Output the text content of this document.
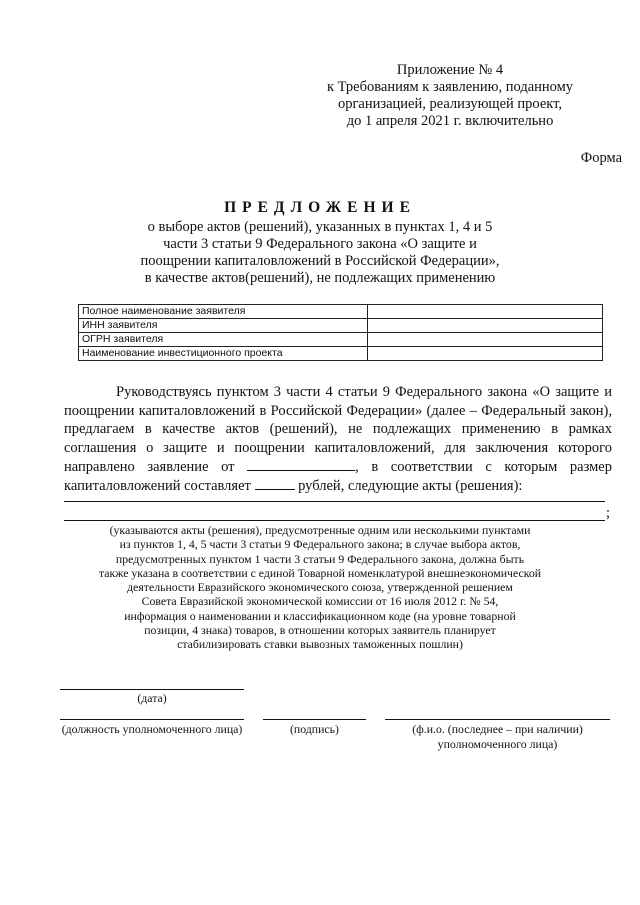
Приложение № 4
к Требованиям к заявлению, поданному
организацией, реализующей проект,
до 1 апреля 2021 г. включительно
Форма
ПРЕДЛОЖЕНИЕ
о выборе актов (решений), указанных в пунктах 1, 4 и 5
части 3 статьи 9 Федерального закона «О защите и
поощрении капиталовложений в Российской Федерации»,
в качестве актов(решений), не подлежащих применению
Полное наименование заявителя	
ИНН заявителя	
ОГРН заявителя	
Наименование инвестиционного проекта	

Руководствуясь пунктом 3 части 4 статьи 9 Федерального закона «О защите и поощрении капиталовложений в Российской Федерации» (далее – Федеральный закон), предлагаем в качестве актов (решений), не подлежащих применению в рамках соглашения о защите и поощрении капиталовложений, для заключения которого направлено заявление от	, в соответствии с которым размер капиталовложений составляет	рублей, следующие акты (решения):

;
(указываются акты (решения), предусмотренные одним или несколькими пунктами
из пунктов 1, 4, 5 части 3 статьи 9 Федерального закона; в случае выбора актов,
предусмотренных пунктом 1 части 3 статьи 9 Федерального закона, должна быть
также указана в соответствии с единой Товарной номенклатурой внешнеэкономической
деятельности Евразийского экономического союза, утвержденной решением
Совета Евразийской экономической комиссии от 16 июля 2012 г. № 54,
информация о наименовании и классификационном коде (на уровне товарной
позиции, 4 знака) товаров, в отношении которых заявитель планирует
стабилизировать ставки вывозных таможенных пошлин)
(дата)
(должность уполномоченного лица)	(подпись)	(ф.и.о. (последнее – при наличии) уполномоченного лица)
